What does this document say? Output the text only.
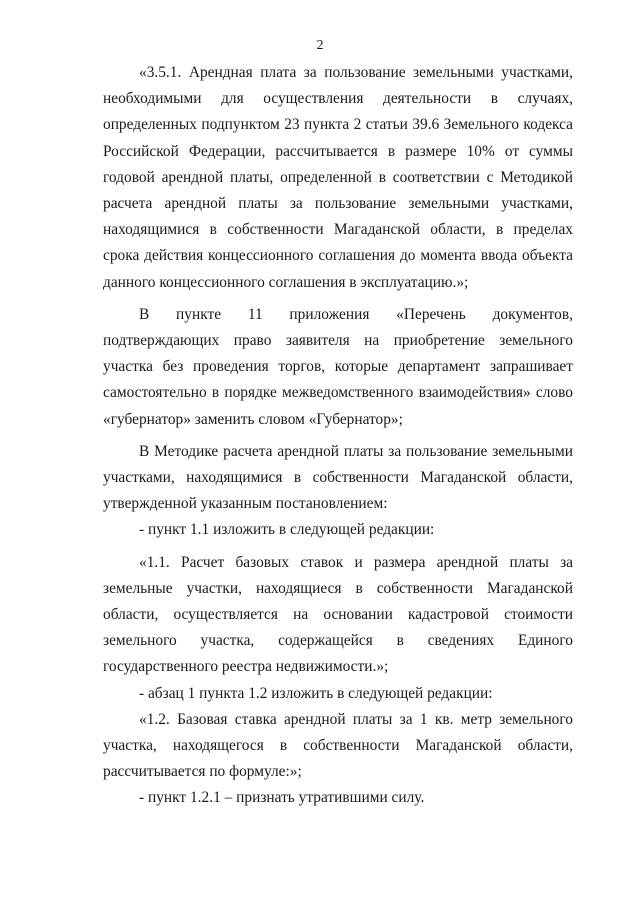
2

«3.5.1. Арендная плата за пользование земельными участками, необходимыми для осуществления деятельности в случаях, определенных подпунктом 23 пункта 2 статьи 39.6 Земельного кодекса Российской Федерации, рассчитывается в размере 10% от суммы годовой арендной платы, определенной в соответствии с Методикой расчета арендной платы за пользование земельными участками, находящимися в собственности Магаданской области, в пределах срока действия концессионного соглашения до момента ввода объекта данного концессионного соглашения в эксплуатацию.»;

В пункте 11 приложения «Перечень документов, подтверждающих право заявителя на приобретение земельного участка без проведения торгов, которые департамент запрашивает самостоятельно в порядке межведомственного взаимодействия» слово «губернатор» заменить словом «Губернатор»;

В Методике расчета арендной платы за пользование земельными участками, находящимися в собственности Магаданской области, утвержденной указанным постановлением:

- пункт 1.1 изложить в следующей редакции:

«1.1. Расчет базовых ставок и размера арендной платы за земельные участки, находящиеся в собственности Магаданской области, осуществляется на основании кадастровой стоимости земельного участка, содержащейся в сведениях Единого государственного реестра недвижимости.»;

- абзац 1 пункта 1.2 изложить в следующей редакции:

«1.2. Базовая ставка арендной платы за 1 кв. метр земельного участка, находящегося в собственности Магаданской области, рассчитывается по формуле:»;

- пункт 1.2.1 – признать утратившими силу.
